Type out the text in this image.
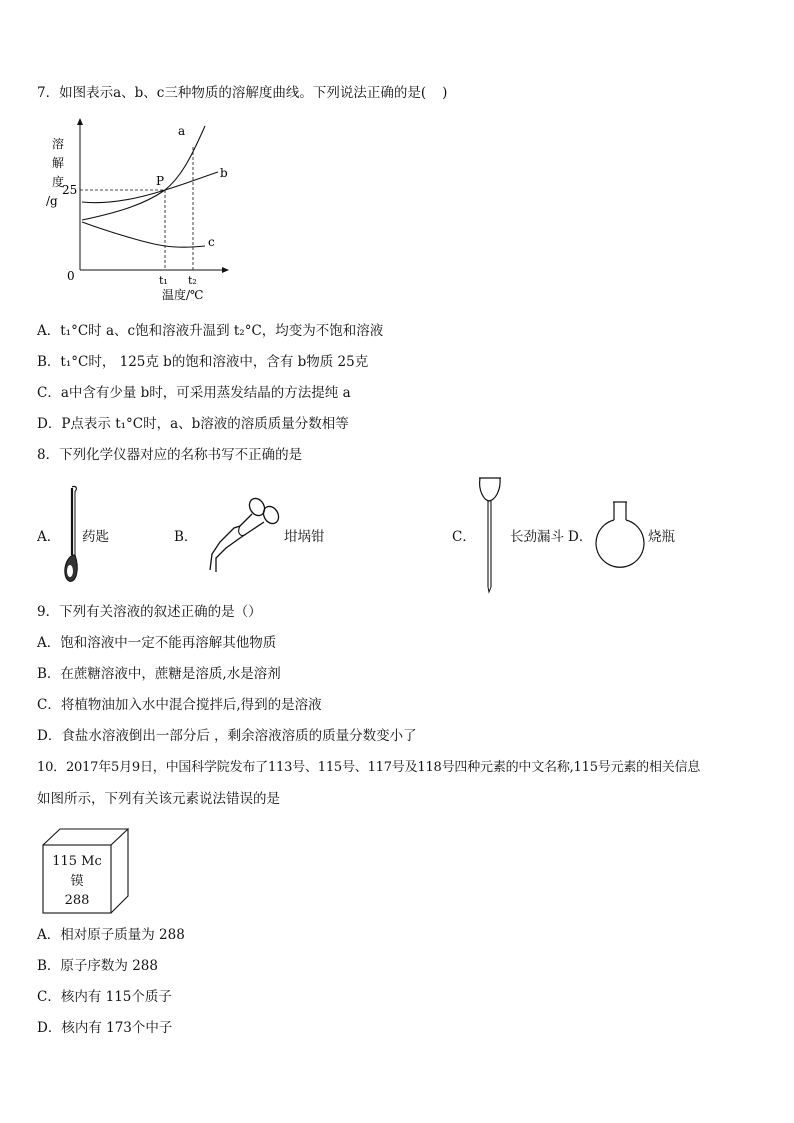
7．如图表示a、b、c三种物质的溶解度曲线。下列说法正确的是( )
溶
解
度
/g
25
0
a
b
c
P
t₁ t₂
温度/℃
A．t₁°C时 a、c饱和溶液升温到 t₂°C，均变为不饱和溶液
B．t₁°C时， 125克 b的饱和溶液中，含有 b物质 25克
C．a中含有少量 b时，可采用蒸发结晶的方法提纯 a
D．P点表示 t₁°C时，a、b溶液的溶质质量分数相等
8．下列化学仪器对应的名称书写不正确的是
A． 药匙	B．	坩埚钳	C．	长劲漏斗 D．	烧瓶
9．下列有关溶液的叙述正确的是（）
A．饱和溶液中一定不能再溶解其他物质
B．在蔗糖溶液中，蔗糖是溶质,水是溶剂
C．将植物油加入水中混合搅拌后,得到的是溶液
D．食盐水溶液倒出一部分后 ，剩余溶液溶质的质量分数变小了
10．2017年5月9日，中国科学院发布了113号、115号、117号及118号四种元素的中文名称,115号元素的相关信息
如图所示，下列有关该元素说法错误的是
115 Mc
镆
288
A．相对原子质量为 288
B．原子序数为 288
C．核内有 115个质子
D．核内有 173个中子
